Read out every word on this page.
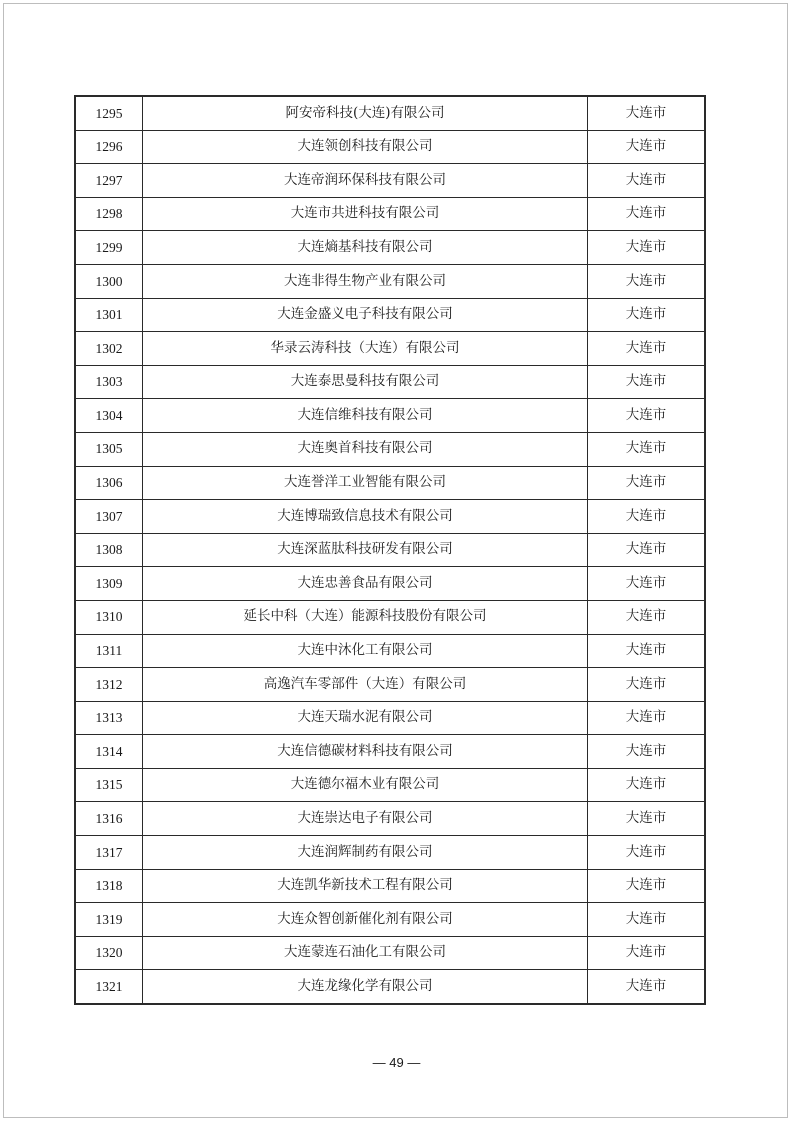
1295	阿安帝科技(大连)有限公司	大连市
1296	大连领创科技有限公司	大连市
1297	大连帝润环保科技有限公司	大连市
1298	大连市共进科技有限公司	大连市
1299	大连熵基科技有限公司	大连市
1300	大连非得生物产业有限公司	大连市
1301	大连金盛义电子科技有限公司	大连市
1302	华录云涛科技（大连）有限公司	大连市
1303	大连泰思曼科技有限公司	大连市
1304	大连信维科技有限公司	大连市
1305	大连奥首科技有限公司	大连市
1306	大连誉洋工业智能有限公司	大连市
1307	大连博瑞致信息技术有限公司	大连市
1308	大连深蓝肽科技研发有限公司	大连市
1309	大连忠善食品有限公司	大连市
1310	延长中科（大连）能源科技股份有限公司	大连市
1311	大连中沐化工有限公司	大连市
1312	高逸汽车零部件（大连）有限公司	大连市
1313	大连天瑞水泥有限公司	大连市
1314	大连信德碳材料科技有限公司	大连市
1315	大连德尔福木业有限公司	大连市
1316	大连崇达电子有限公司	大连市
1317	大连润辉制药有限公司	大连市
1318	大连凯华新技术工程有限公司	大连市
1319	大连众智创新催化剂有限公司	大连市
1320	大连蒙连石油化工有限公司	大连市
1321	大连龙缘化学有限公司	大连市
— 49 —
